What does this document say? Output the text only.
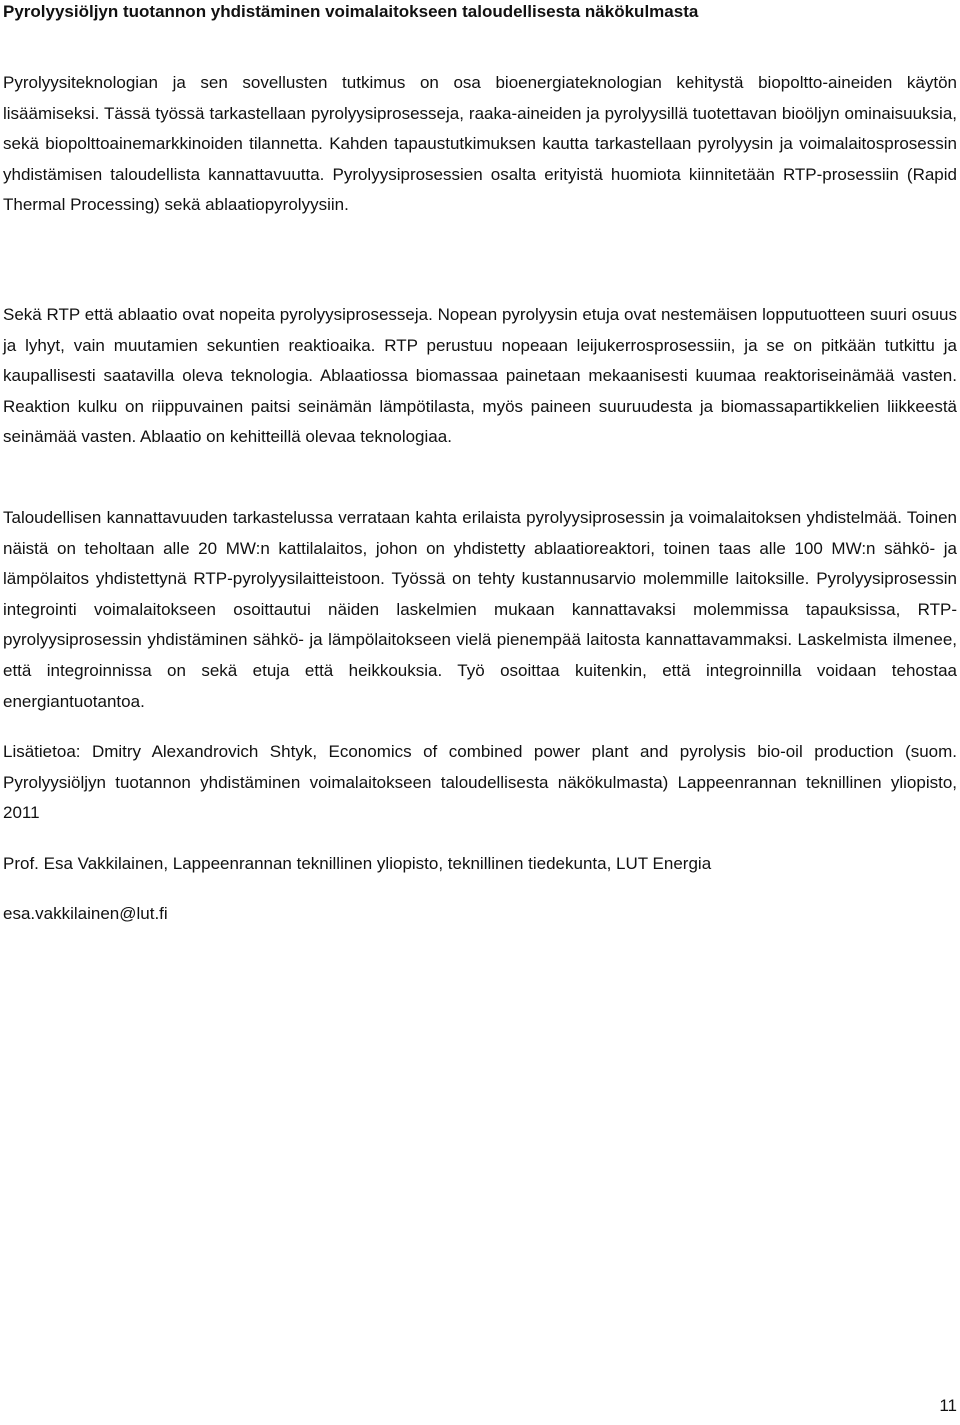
Pyrolyysiöljyn tuotannon yhdistäminen voimalaitokseen taloudellisesta näkökulmasta

Pyrolyysiteknologian ja sen sovellusten tutkimus on osa bioenergiateknologian kehitystä biopoltto-aineiden käytön lisäämiseksi. Tässä työssä tarkastellaan pyrolyysiprosesseja, raaka-aineiden ja pyrolyysillä tuotettavan bioöljyn ominaisuuksia, sekä biopolttoainemarkkinoiden tilannetta. Kahden tapaustutkimuksen kautta tarkastellaan pyrolyysin ja voimalaitosprosessin yhdistämisen taloudellista kannattavuutta. Pyrolyysiprosessien osalta erityistä huomiota kiinnitetään RTP-prosessiin (Rapid Thermal Processing) sekä ablaatiopyrolyysiin.

Sekä RTP että ablaatio ovat nopeita pyrolyysiprosesseja. Nopean pyrolyysin etuja ovat nestemäisen lopputuotteen suuri osuus ja lyhyt, vain muutamien sekuntien reaktioaika. RTP perustuu nopeaan leijukerrosprosessiin, ja se on pitkään tutkittu ja kaupallisesti saatavilla oleva teknologia. Ablaatiossa biomassaa painetaan mekaanisesti kuumaa reaktoriseinämää vasten. Reaktion kulku on riippuvainen paitsi seinämän lämpötilasta, myös paineen suuruudesta ja biomassapartikkelien liikkeestä seinämää vasten. Ablaatio on kehitteillä olevaa teknologiaa.

Taloudellisen kannattavuuden tarkastelussa verrataan kahta erilaista pyrolyysiprosessin ja voimalaitoksen yhdistelmää. Toinen näistä on teholtaan alle 20 MW:n kattilalaitos, johon on yhdistetty ablaatioreaktori, toinen taas alle 100 MW:n sähkö- ja lämpölaitos yhdistettynä RTP-pyrolyysilaitteistoon. Työssä on tehty kustannusarvio molemmille laitoksille. Pyrolyysiprosessin integrointi voimalaitokseen osoittautui näiden laskelmien mukaan kannattavaksi molemmissa tapauksissa, RTP-pyrolyysiprosessin yhdistäminen sähkö- ja lämpölaitokseen vielä pienempää laitosta kannattavammaksi. Laskelmista ilmenee, että integroinnissa on sekä etuja että heikkouksia. Työ osoittaa kuitenkin, että integroinnilla voidaan tehostaa energiantuotantoa.

Lisätietoa: Dmitry Alexandrovich Shtyk, Economics of combined power plant and pyrolysis bio-oil production (suom. Pyrolyysiöljyn tuotannon yhdistäminen voimalaitokseen taloudellisesta näkökulmasta) Lappeenrannan teknillinen yliopisto, 2011

Prof. Esa Vakkilainen, Lappeenrannan teknillinen yliopisto, teknillinen tiedekunta, LUT Energia

esa.vakkilainen@lut.fi

11
